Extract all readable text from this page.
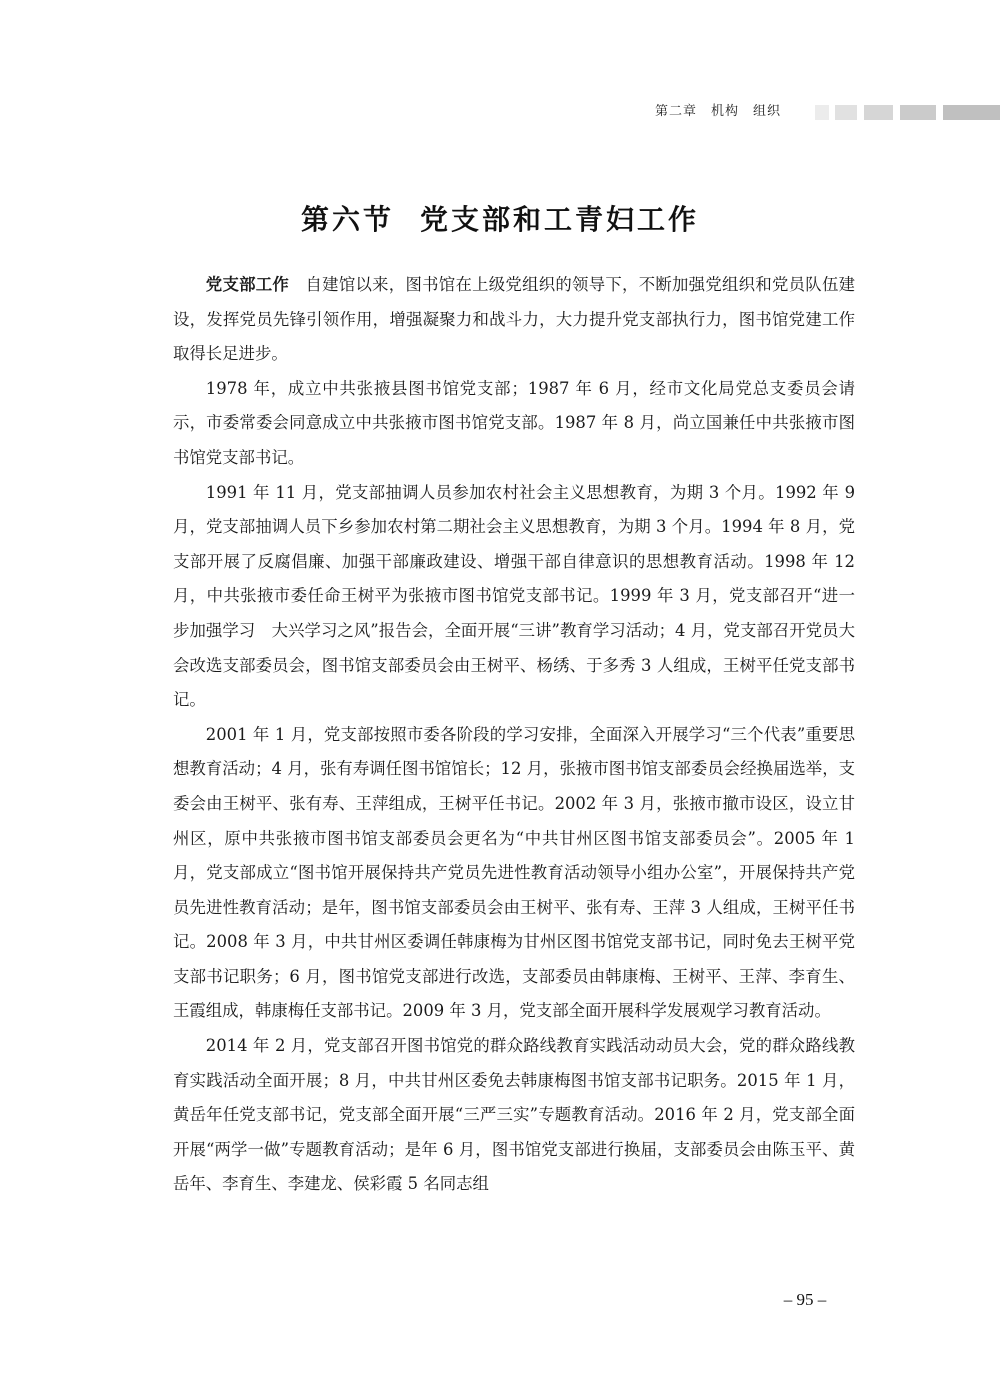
第二章　机构　组织
第六节 党支部和工青妇工作

党支部工作 自建馆以来，图书馆在上级党组织的领导下，不断加强党组织和党员队伍建设，发挥党员先锋引领作用，增强凝聚力和战斗力，大力提升党支部执行力，图书馆党建工作取得长足进步。

1978 年，成立中共张掖县图书馆党支部；1987 年 6 月，经市文化局党总支委员会请示，市委常委会同意成立中共张掖市图书馆党支部。1987 年 8 月，尚立国兼任中共张掖市图书馆党支部书记。

1991 年 11 月，党支部抽调人员参加农村社会主义思想教育，为期 3 个月。1992 年 9 月，党支部抽调人员下乡参加农村第二期社会主义思想教育，为期 3 个月。1994 年 8 月，党支部开展了反腐倡廉、加强干部廉政建设、增强干部自律意识的思想教育活动。1998 年 12 月，中共张掖市委任命王树平为张掖市图书馆党支部书记。1999 年 3 月，党支部召开“进一步加强学习　大兴学习之风”报告会，全面开展“三讲”教育学习活动；4 月，党支部召开党员大会改选支部委员会，图书馆支部委员会由王树平、杨绣、于多秀 3 人组成，王树平任党支部书记。

2001 年 1 月，党支部按照市委各阶段的学习安排，全面深入开展学习“三个代表”重要思想教育活动；4 月，张有寿调任图书馆馆长；12 月，张掖市图书馆支部委员会经换届选举，支委会由王树平、张有寿、王萍组成，王树平任书记。2002 年 3 月，张掖市撤市设区，设立甘州区，原中共张掖市图书馆支部委员会更名为“中共甘州区图书馆支部委员会”。2005 年 1 月，党支部成立“图书馆开展保持共产党员先进性教育活动领导小组办公室”，开展保持共产党员先进性教育活动；是年，图书馆支部委员会由王树平、张有寿、王萍 3 人组成，王树平任书记。2008 年 3 月，中共甘州区委调任韩康梅为甘州区图书馆党支部书记，同时免去王树平党支部书记职务；6 月，图书馆党支部进行改选，支部委员由韩康梅、王树平、王萍、李育生、王霞组成，韩康梅任支部书记。2009 年 3 月，党支部全面开展科学发展观学习教育活动。

2014 年 2 月，党支部召开图书馆党的群众路线教育实践活动动员大会，党的群众路线教育实践活动全面开展；8 月，中共甘州区委免去韩康梅图书馆支部书记职务。2015 年 1 月，黄岳年任党支部书记，党支部全面开展“三严三实”专题教育活动。2016 年 2 月，党支部全面开展“两学一做”专题教育活动；是年 6 月，图书馆党支部进行换届，支部委员会由陈玉平、黄岳年、李育生、李建龙、侯彩霞 5 名同志组

– 95 –
